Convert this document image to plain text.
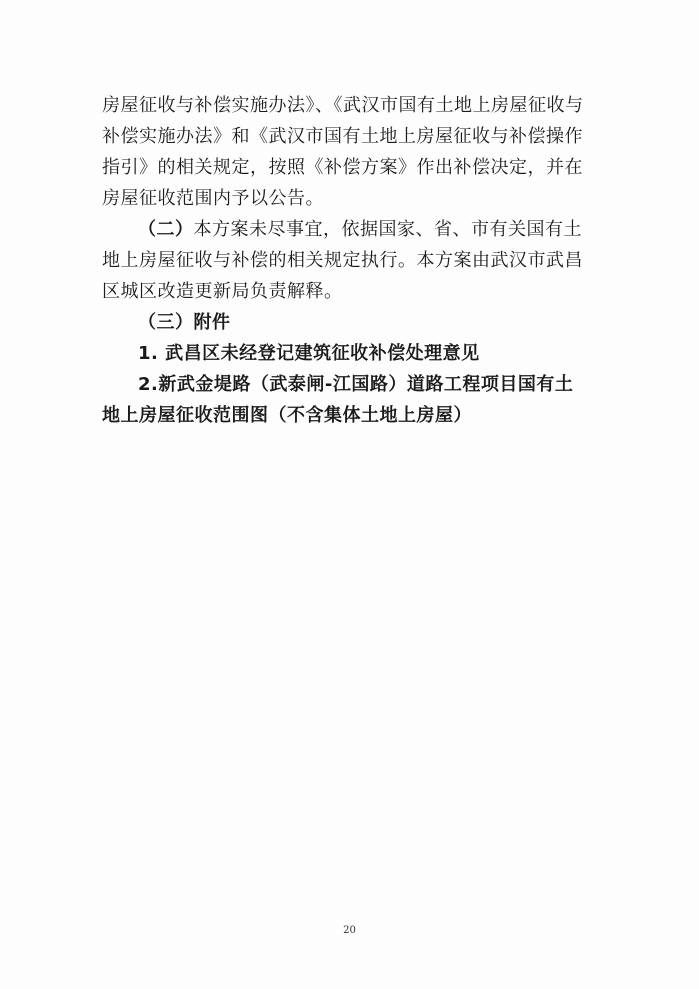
房屋征收与补偿实施办法》、《武汉市国有土地上房屋征收与
补偿实施办法》和《武汉市国有土地上房屋征收与补偿操作
指引》的相关规定，按照《补偿方案》作出补偿决定，并在
房屋征收范围内予以公告。
（二）本方案未尽事宜，依据国家、省、市有关国有土
地上房屋征收与补偿的相关规定执行。本方案由武汉市武昌
区城区改造更新局负责解释。
（三）附件
1. 武昌区未经登记建筑征收补偿处理意见
2.新武金堤路（武泰闸-江国路）道路工程项目国有土
地上房屋征收范围图（不含集体土地上房屋）
20
